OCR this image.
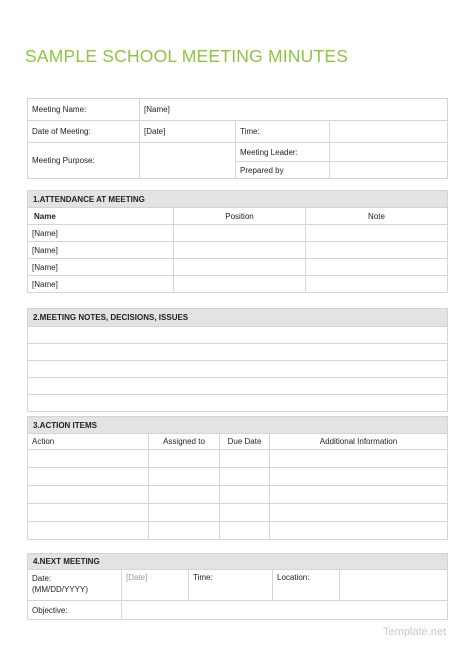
SAMPLE SCHOOL MEETING MINUTES
Meeting Name:	[Name]		
Date of Meeting:	[Date]	Time:	
Meeting Purpose:		Meeting Leader:	
		Prepared by	
1.ATTENDANCE AT MEETING		
Name	Position	Note
[Name]		
[Name]		
[Name]		
[Name]		
2.MEETING NOTES, DECISIONS, ISSUES

3.ACTION ITEMS			
Action	Assigned to	Due Date	Additional Information

4.NEXT MEETING				

Date:
(MM/DD/YYYY)	[Date]	Time:	Location:	
Objective:				
Template.net
